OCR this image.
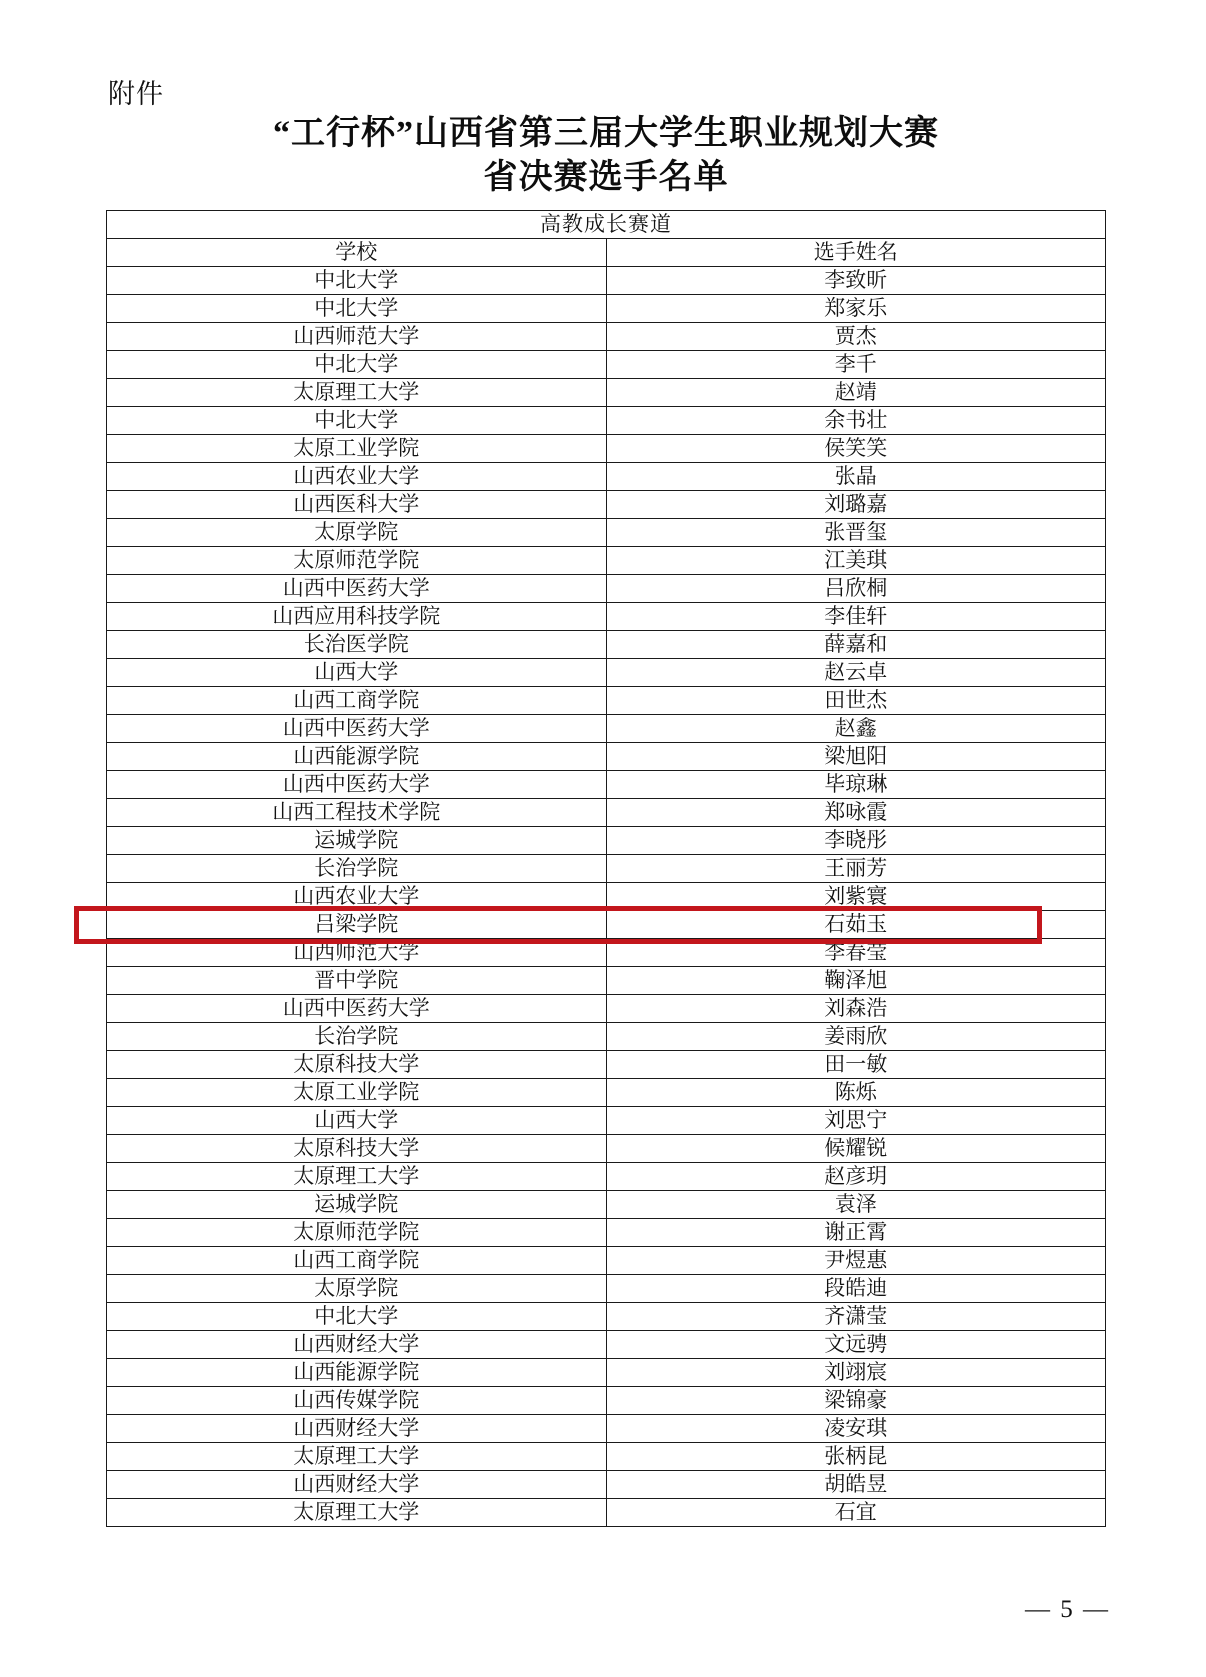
附件
“工行杯”山西省第三届大学生职业规划大赛
省决赛选手名单
高教成长赛道	
学校	选手姓名
中北大学	李致昕
中北大学	郑家乐
山西师范大学	贾杰
中北大学	李千
太原理工大学	赵靖
中北大学	余书壮
太原工业学院	侯笑笑
山西农业大学	张晶
山西医科大学	刘璐嘉
太原学院	张晋玺
太原师范学院	江美琪
山西中医药大学	吕欣桐
山西应用科技学院	李佳轩
长治医学院	薛嘉和
山西大学	赵云卓
山西工商学院	田世杰
山西中医药大学	赵鑫
山西能源学院	梁旭阳
山西中医药大学	毕琼琳
山西工程技术学院	郑咏霞
运城学院	李晓彤
长治学院	王丽芳
山西农业大学	刘紫寰
吕梁学院	石茹玉
山西师范大学	李春莹
晋中学院	鞠泽旭
山西中医药大学	刘森浩
长治学院	姜雨欣
太原科技大学	田一敏
太原工业学院	陈烁
山西大学	刘思宁
太原科技大学	候耀锐
太原理工大学	赵彦玥
运城学院	袁泽
太原师范学院	谢正霄
山西工商学院	尹煜惠
太原学院	段皓迪
中北大学	齐潇莹
山西财经大学	文远骋
山西能源学院	刘翊宸
山西传媒学院	梁锦豪
山西财经大学	凌安琪
太原理工大学	张柄昆
山西财经大学	胡皓昱
太原理工大学	石宜
— 5 —
